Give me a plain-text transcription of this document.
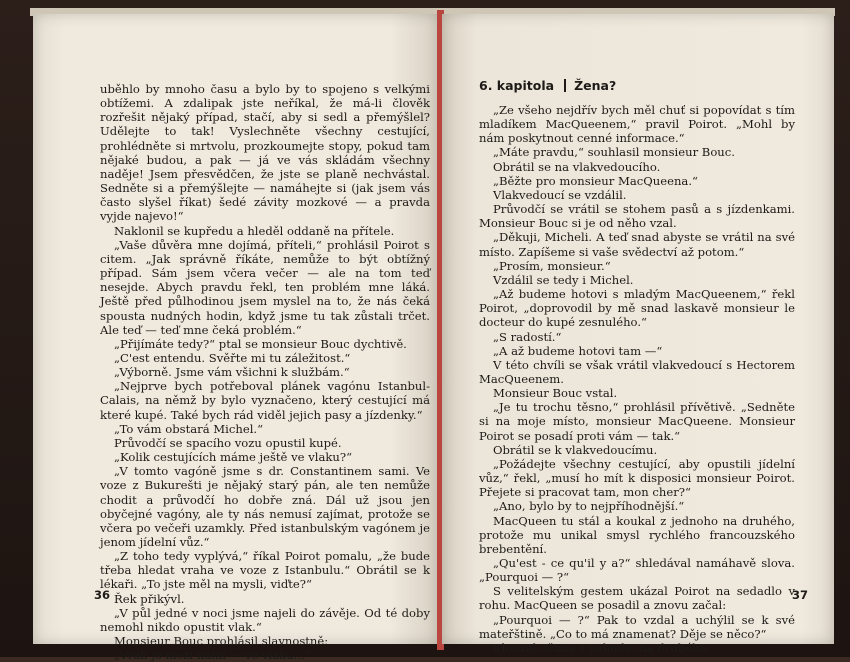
uběhlo by mnoho času a bylo by to spojeno s velkými obtížemi. A zdalipak jste neříkal, že má-li člověk rozřešit nějaký případ, stačí, aby si sedl a přemýšlel? Udělejte to tak! Vyslechněte všechny cestující, prohlédněte si mrtvolu, prozkoumejte stopy, pokud tam nějaké budou, a pak — já ve vás skládám všechny naděje! Jsem přesvědčen, že jste se planě nechvástal. Sedněte si a přemýšlejte — namáhejte si (jak jsem vás často slyšel říkat) šedé závity mozkové — a pravda vyjde najevo!“

Naklonil se kupředu a hleděl oddaně na přítele.

„Vaše důvěra mne dojímá, příteli,“ prohlásil Poirot s citem. „Jak správně říkáte, nemůže to být obtížný případ. Sám jsem včera večer — ale na tom teď nesejde. Abych pravdu řekl, ten problém mne láká. Ještě před půlhodinou jsem myslel na to, že nás čeká spousta nudných hodin, když jsme tu tak zůstali trčet. Ale teď — teď mne čeká problém.“

„Přijímáte tedy?“ ptal se monsieur Bouc dychtivě.

„C'est entendu. Svěřte mi tu záležitost.“

„Výborně. Jsme vám všichni k službám.“

„Nejprve bych potřeboval plánek vagónu Istanbul-Calais, na němž by bylo vyznačeno, který cestující má které kupé. Také bych rád viděl jejich pasy a jízdenky.“

„To vám obstará Michel.“

Průvodčí se spacího vozu opustil kupé.

„Kolik cestujících máme ještě ve vlaku?“

„V tomto vagóně jsme s dr. Constantinem sami. Ve voze z Bukurešti je nějaký starý pán, ale ten nemůže chodit a průvodčí ho dobře zná. Dál už jsou jen obyčejné vagóny, ale ty nás nemusí zajímat, protože se včera po večeři uzamkly. Před istanbulským vagónem je jenom jídelní vůz.“

„Z toho tedy vyplývá,“ říkal Poirot pomalu, „že bude třeba hledat vraha ve voze z Istanbulu.“ Obrátil se k lékaři. „To jste měl na mysli, viďte?“

Řek přikývl.

„V půl jedné v noci jsme najeli do závěje. Od té doby nemohl nikdo opustit vlak.“

Monsieur Bouc prohlásil slavnostně:

„Vrah je mezi námi — ve vlaku...“

36
6. kapitola Žena?

„Ze všeho nejdřív bych měl chuť si popovídat s tím mladíkem MacQueenem,“ pravil Poirot. „Mohl by nám poskytnout cenné informace.“

„Máte pravdu,“ souhlasil monsieur Bouc.

Obrátil se na vlakvedoucího.

„Běžte pro monsieur MacQueena.“

Vlakvedoucí se vzdálil.

Průvodčí se vrátil se stohem pasů a s jízdenkami. Monsieur Bouc si je od něho vzal.

„Děkuji, Micheli. A teď snad abyste se vrátil na své místo. Zapíšeme si vaše svědectví až potom.“

„Prosím, monsieur.“

Vzdálil se tedy i Michel.

„Až budeme hotovi s mladým MacQueenem,“ řekl Poirot, „doprovodil by mě snad laskavě monsieur le docteur do kupé zesnulého.“

„S radostí.“

„A až budeme hotovi tam —“

V této chvíli se však vrátil vlakvedoucí s Hectorem MacQueenem.

Monsieur Bouc vstal.

„Je tu trochu těsno,“ prohlásil přívětivě. „Sedněte si na moje místo, monsieur MacQueene. Monsieur Poirot se posadí proti vám — tak.“

Obrátil se k vlakvedoucímu.

„Požádejte všechny cestující, aby opustili jídelní vůz,“ řekl, „musí ho mít k disposici monsieur Poirot. Přejete si pracovat tam, mon cher?“

„Ano, bylo by to nejpříhodnější.“

MacQueen tu stál a koukal z jednoho na druhého, protože mu unikal smysl rychlého francouzského brebentění.

„Qu'est - ce qu'il y a?“ shledával namáhavě slova. „Pourquoi — ?“

S velitelským gestem ukázal Poirot na sedadlo v rohu. MacQueen se posadil a znovu začal:

„Pourquoi — ?“ Pak to vzdal a uchýlil se k své mateřštině. „Co to má znamenat? Děje se něco?“

Klouzal očima z jednoho na druhého.

37
